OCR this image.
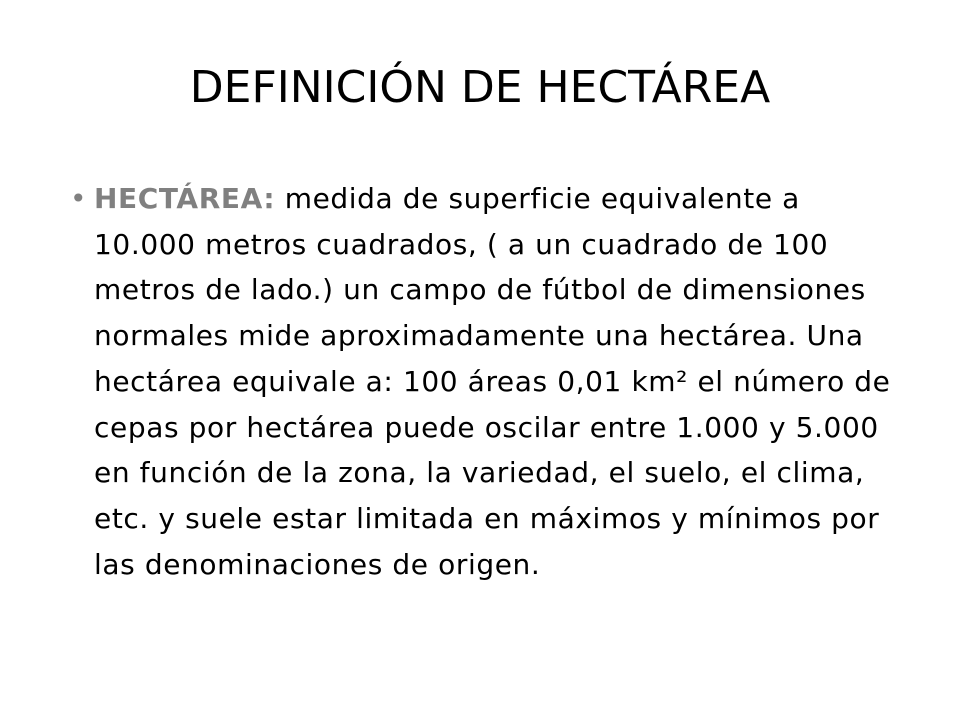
DEFINICIÓN DE HECTÁREA
• HECTÁREA: medida de superficie equivalente a 10.000 metros cuadrados, ( a un cuadrado de 100 metros de lado.) un campo de fútbol de dimensiones normales mide aproximadamente una hectárea. Una hectárea equivale a: 100 áreas 0,01 km² el número de cepas por hectárea puede oscilar entre 1.000 y 5.000 en función de la zona, la variedad, el suelo, el clima, etc. y suele estar limitada en máximos y mínimos por las denominaciones de origen.
